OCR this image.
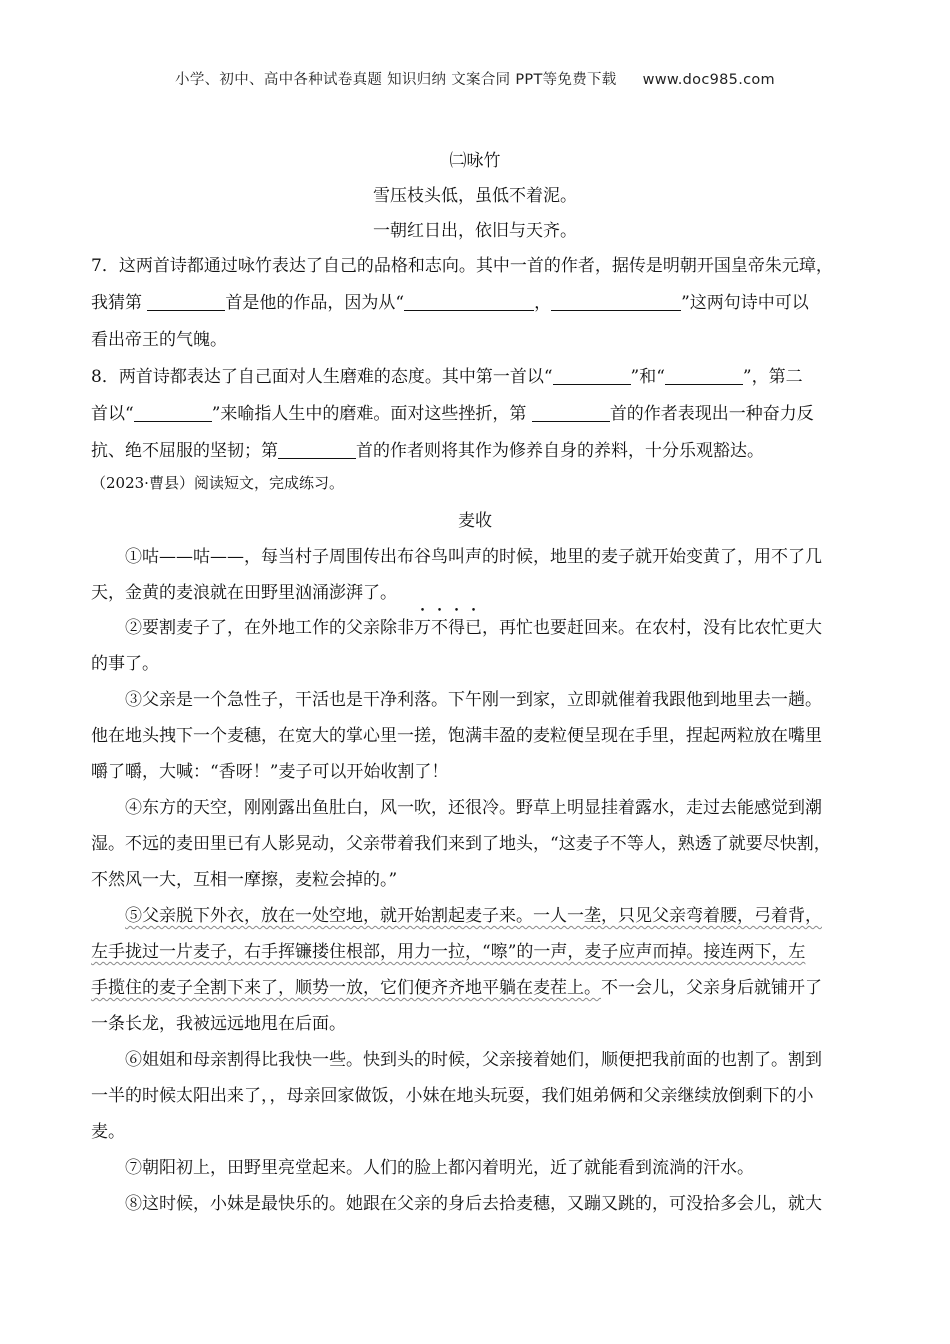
小学、初中、高中各种试卷真题 知识归纳 文案合同 PPT等免费下载 www.doc985.com
㈡咏竹
雪压枝头低，虽低不着泥。
一朝红日出，依旧与天齐。
7．这两首诗都通过咏竹表达了自己的品格和志向。其中一首的作者，据传是明朝开国皇帝朱元璋，
我猜第	首是他的作品，因为从“	，	”这两句诗中可以
看出帝王的气魄。
8．两首诗都表达了自己面对人生磨难的态度。其中第一首以“	”和“	”，第二
首以“	”来喻指人生中的磨难。面对这些挫折，第	首的作者表现出一种奋力反
抗、绝不屈服的坚韧；第	首的作者则将其作为修养自身的养料，十分乐观豁达。
（2023·曹县）阅读短文，完成练习。
麦收
①咕——咕——，每当村子周围传出布谷鸟叫声的时候，地里的麦子就开始变黄了，用不了几
天，金黄的麦浪就在田野里汹涌澎湃了。
②要割麦子了，在外地工作的父亲除非万不得已，再忙也要赶回来。在农村，没有比农忙更大
的事了。
③父亲是一个急性子，干活也是干净利落。下午刚一到家，立即就催着我跟他到地里去一趟。
他在地头拽下一个麦穗，在宽大的掌心里一搓，饱满丰盈的麦粒便呈现在手里，捏起两粒放在嘴里
嚼了嚼，大喊：“香呀！”麦子可以开始收割了！
④东方的天空，刚刚露出鱼肚白，风一吹，还很冷。野草上明显挂着露水，走过去能感觉到潮
湿。不远的麦田里已有人影晃动，父亲带着我们来到了地头，“这麦子不等人，熟透了就要尽快割，
不然风一大，互相一摩擦，麦粒会掉的。”
⑤父亲脱下外衣，放在一处空地，就开始割起麦子来。一人一垄，只见父亲弯着腰，弓着背，
左手拢过一片麦子，右手挥镰搂住根部，用力一拉，“嚓”的一声，麦子应声而掉。接连两下，左
手揽住的麦子全割下来了，顺势一放，它们便齐齐地平躺在麦茬上。不一会儿，父亲身后就铺开了
一条长龙，我被远远地甩在后面。
⑥姐姐和母亲割得比我快一些。快到头的时候，父亲接着她们，顺便把我前面的也割了。割到
一半的时候太阳出来了，，母亲回家做饭，小妹在地头玩耍，我们姐弟俩和父亲继续放倒剩下的小
麦。
⑦朝阳初上，田野里亮堂起来。人们的脸上都闪着明光，近了就能看到流淌的汗水。
⑧这时候，小妹是最快乐的。她跟在父亲的身后去拾麦穗，又蹦又跳的，可没拾多会儿，就大
